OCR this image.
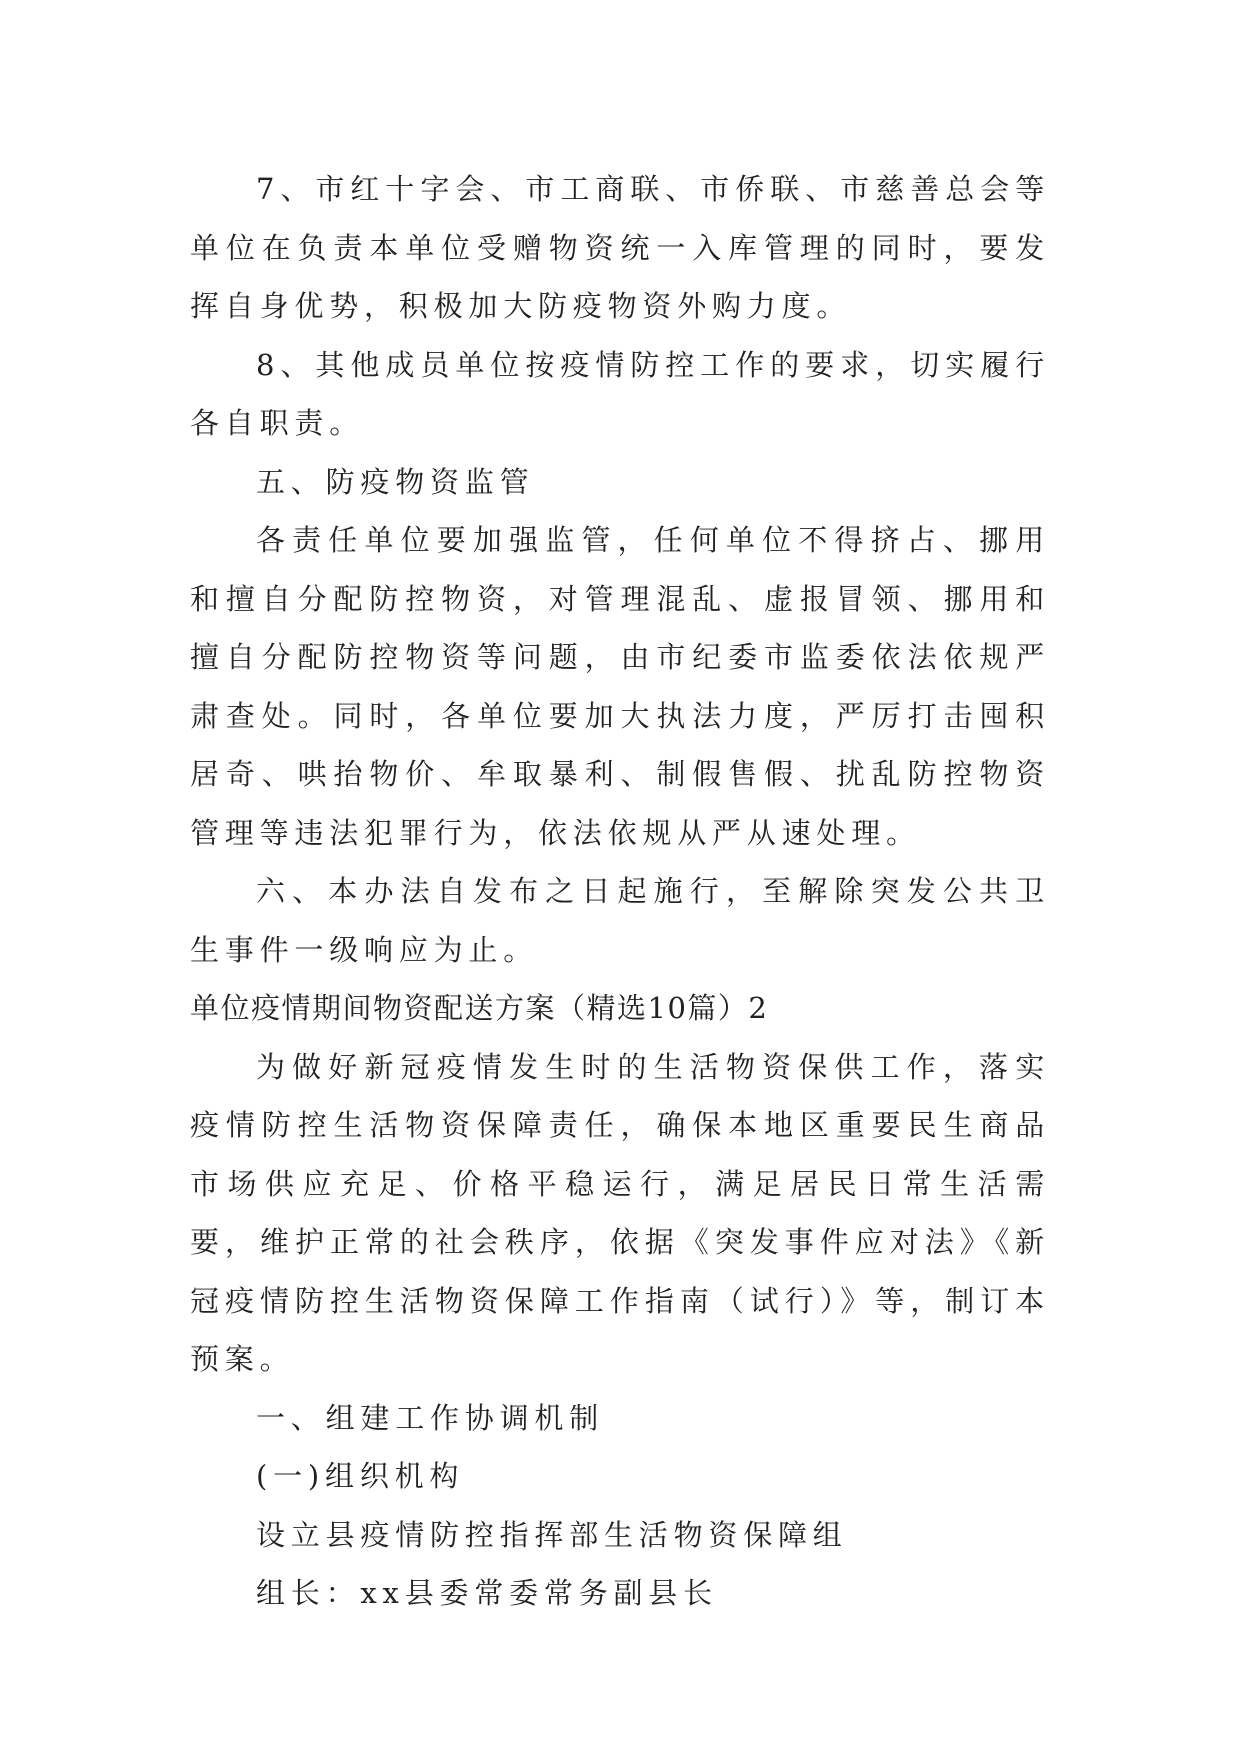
7、市红十字会、市工商联、市侨联、市慈善总会等单位在负责本单位受赠物资统一入库管理的同时，要发挥自身优势，积极加大防疫物资外购力度。

8、其他成员单位按疫情防控工作的要求，切实履行各自职责。

五、防疫物资监管

各责任单位要加强监管，任何单位不得挤占、挪用和擅自分配防控物资，对管理混乱、虚报冒领、挪用和擅自分配防控物资等问题，由市纪委市监委依法依规严肃查处。同时，各单位要加大执法力度，严厉打击囤积居奇、哄抬物价、牟取暴利、制假售假、扰乱防控物资管理等违法犯罪行为，依法依规从严从速处理。

六、本办法自发布之日起施行，至解除突发公共卫生事件一级响应为止。

单位疫情期间物资配送方案（精选10篇）2

为做好新冠疫情发生时的生活物资保供工作，落实疫情防控生活物资保障责任，确保本地区重要民生商品市场供应充足、价格平稳运行，满足居民日常生活需要，维护正常的社会秩序，依据《突发事件应对法》《新冠疫情防控生活物资保障工作指南（试行）》等，制订本预案。

一、组建工作协调机制

(一)组织机构

设立县疫情防控指挥部生活物资保障组

组长：xx县委常委常务副县长
